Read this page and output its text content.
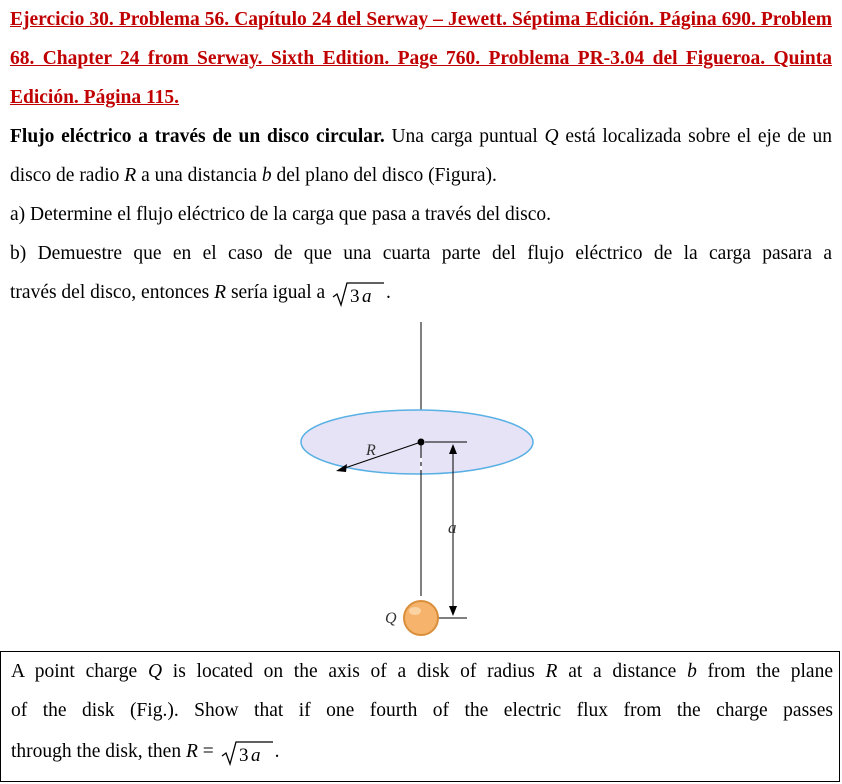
Ejercicio 30. Problema 56. Capítulo 24 del Serway – Jewett. Séptima Edición. Página 690. Problem 68. Chapter 24 from Serway. Sixth Edition. Page 760. Problema PR-3.04 del Figueroa. Quinta Edición. Página 115.
Flujo eléctrico a través de un disco circular. Una carga puntual Q está localizada sobre el eje de un disco de radio R a una distancia b del plano del disco (Figura).
a) Determine el flujo eléctrico de la carga que pasa a través del disco.
b) Demuestre que en el caso de que una cuarta parte del flujo eléctrico de la carga pasara a
través del disco, entonces R sería igual a 3 a .
R
a
Q
A point charge Q is located on the axis of a disk of radius R at a distance b from the plane
of the disk (Fig.). Show that if one fourth of the electric flux from the charge passes
through the disk, then R = 3 a .
